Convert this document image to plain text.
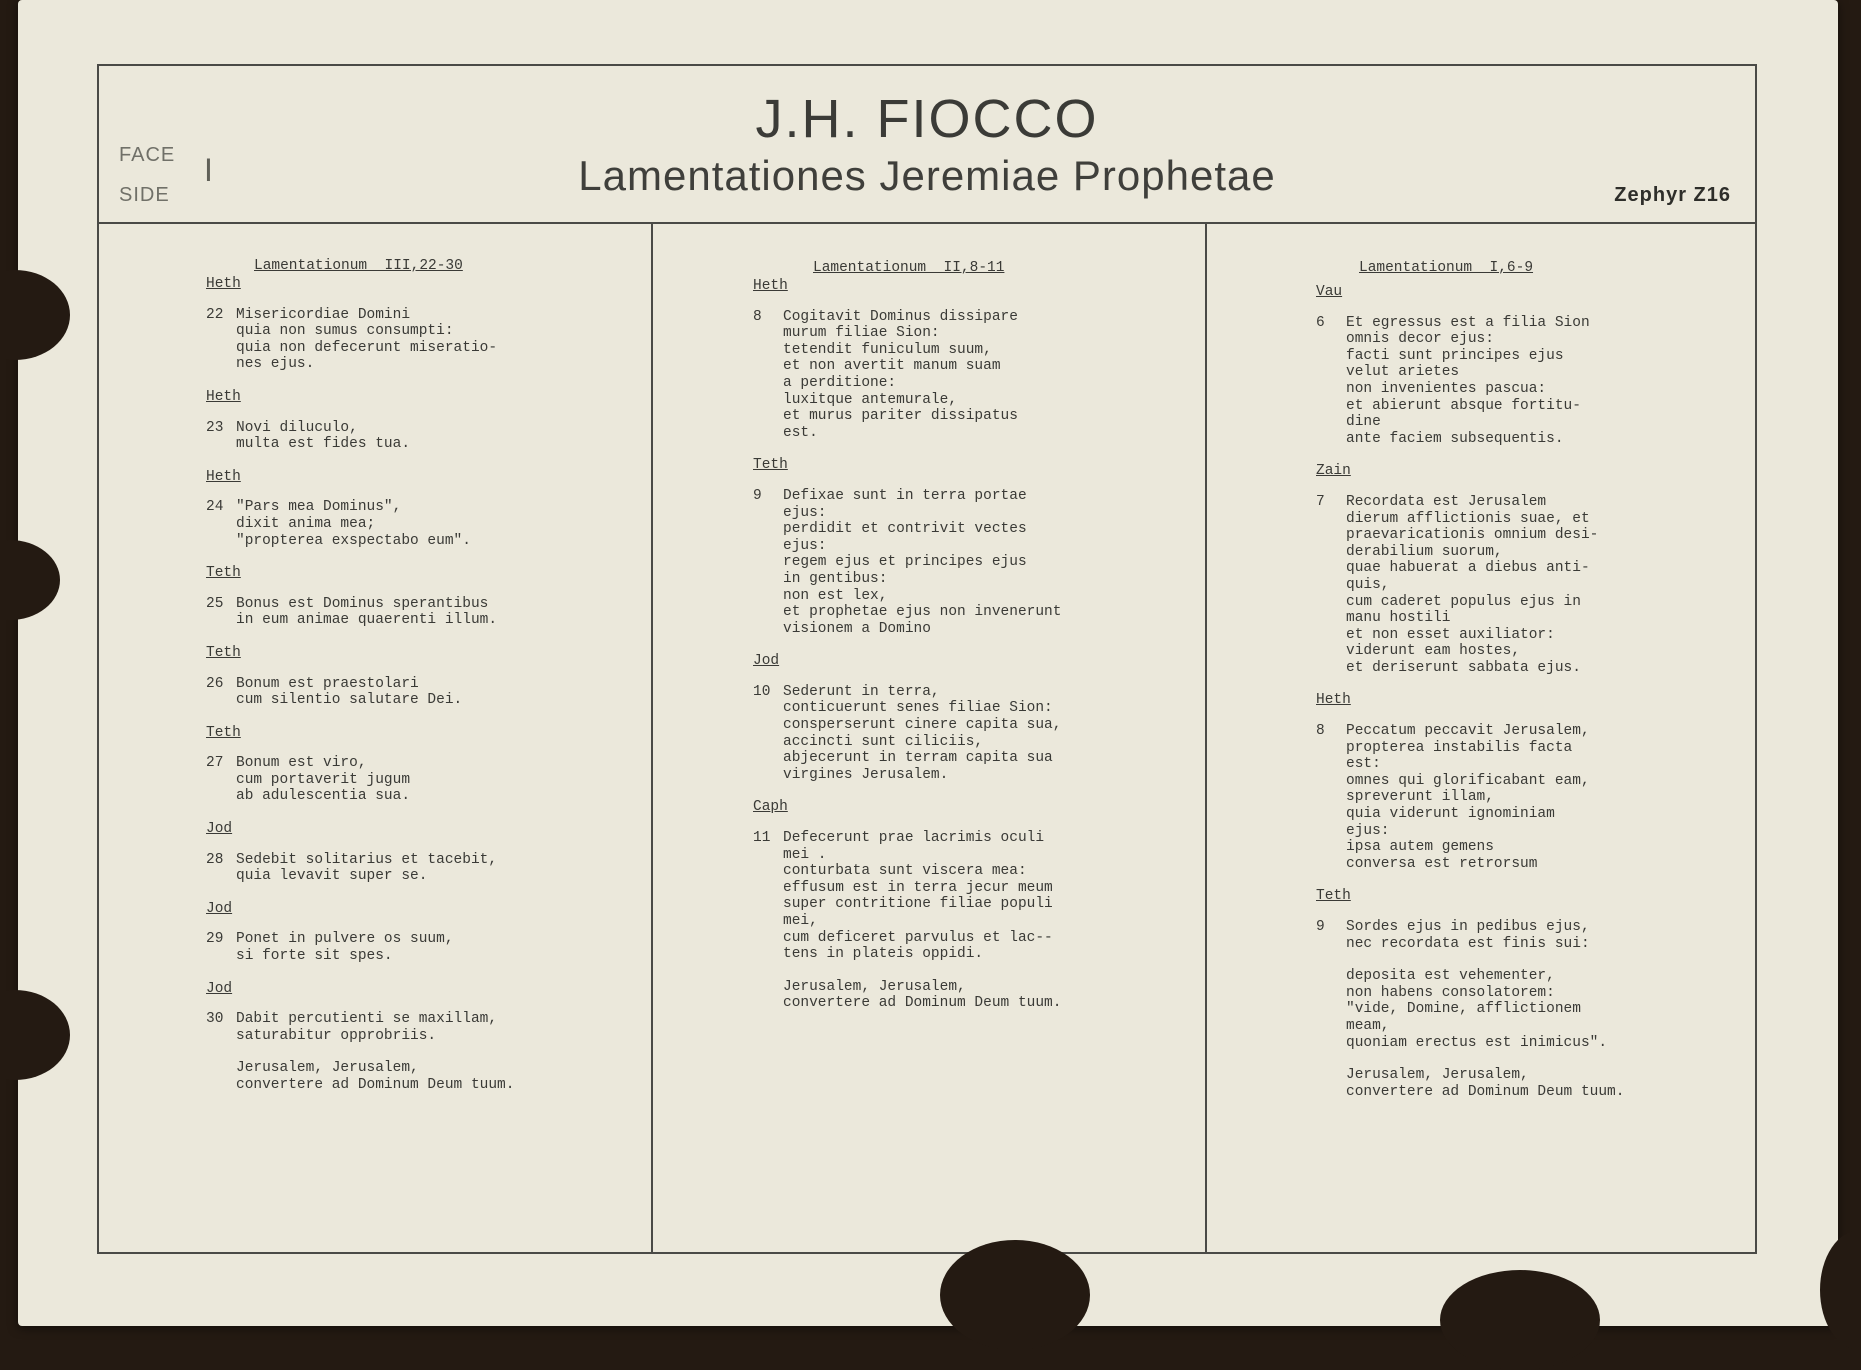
FACE
SIDE
I
J.H. FIOCCO
Lamentationes Jeremiae Prophetae	Zephyr Z16
Lamentationum  III,22-30
Heth
22 Misericordiae Domini
quia non sumus consumpti:
quia non defecerunt miseratio-
nes ejus.
Heth
23 Novi diluculo,
multa est fides tua.
Heth
24 "Pars mea Dominus",
dixit anima mea;
"propterea exspectabo eum".
Teth
25 Bonus est Dominus sperantibus
in eum animae quaerenti illum.
Teth
26 Bonum est praestolari
cum silentio salutare Dei.
Teth
27 Bonum est viro,
cum portaverit jugum
ab adulescentia sua.
Jod
28 Sedebit solitarius et tacebit,
quia levavit super se.
Jod
29 Ponet in pulvere os suum,
si forte sit spes.
Jod
30 Dabit percutienti se maxillam,
saturabitur opprobriis.
Jerusalem, Jerusalem,
convertere ad Dominum Deum tuum.
Lamentationum  II,8-11
Heth
8 Cogitavit Dominus dissipare
murum filiae Sion:
tetendit funiculum suum,
et non avertit manum suam
a perditione:
luxitque antemurale,
et murus pariter dissipatus
est.
Teth
9 Defixae sunt in terra portae
ejus:
perdidit et contrivit vectes
ejus:
regem ejus et principes ejus
in gentibus:
non est lex,
et prophetae ejus non invenerunt
visionem a Domino
Jod
10 Sederunt in terra,
conticuerunt senes filiae Sion:
consperserunt cinere capita sua,
accincti sunt ciliciis,
abjecerunt in terram capita sua
virgines Jerusalem.
Caph
11 Defecerunt prae lacrimis oculi
mei .
conturbata sunt viscera mea:
effusum est in terra jecur meum
super contritione filiae populi
mei,
cum deficeret parvulus et lac--
tens in plateis oppidi.
Jerusalem, Jerusalem,
convertere ad Dominum Deum tuum.
Lamentationum  I,6-9
Vau
6 Et egressus est a filia Sion
omnis decor ejus:
facti sunt principes ejus
velut arietes
non invenientes pascua:
et abierunt absque fortitu-
dine
ante faciem subsequentis.
Zain
7 Recordata est Jerusalem
dierum afflictionis suae, et
praevaricationis omnium desi-
derabilium suorum,
quae habuerat a diebus anti-
quis,
cum caderet populus ejus in
manu hostili
et non esset auxiliator:
viderunt eam hostes,
et deriserunt sabbata ejus.
Heth
8 Peccatum peccavit Jerusalem,
propterea instabilis facta
est:
omnes qui glorificabant eam,
spreverunt illam,
quia viderunt ignominiam
ejus:
ipsa autem gemens
conversa est retrorsum
Teth
9 Sordes ejus in pedibus ejus,
nec recordata est finis sui:
deposita est vehementer,
non habens consolatorem:
"vide, Domine, afflictionem
meam,
quoniam erectus est inimicus".
Jerusalem, Jerusalem,
convertere ad Dominum Deum tuum.
